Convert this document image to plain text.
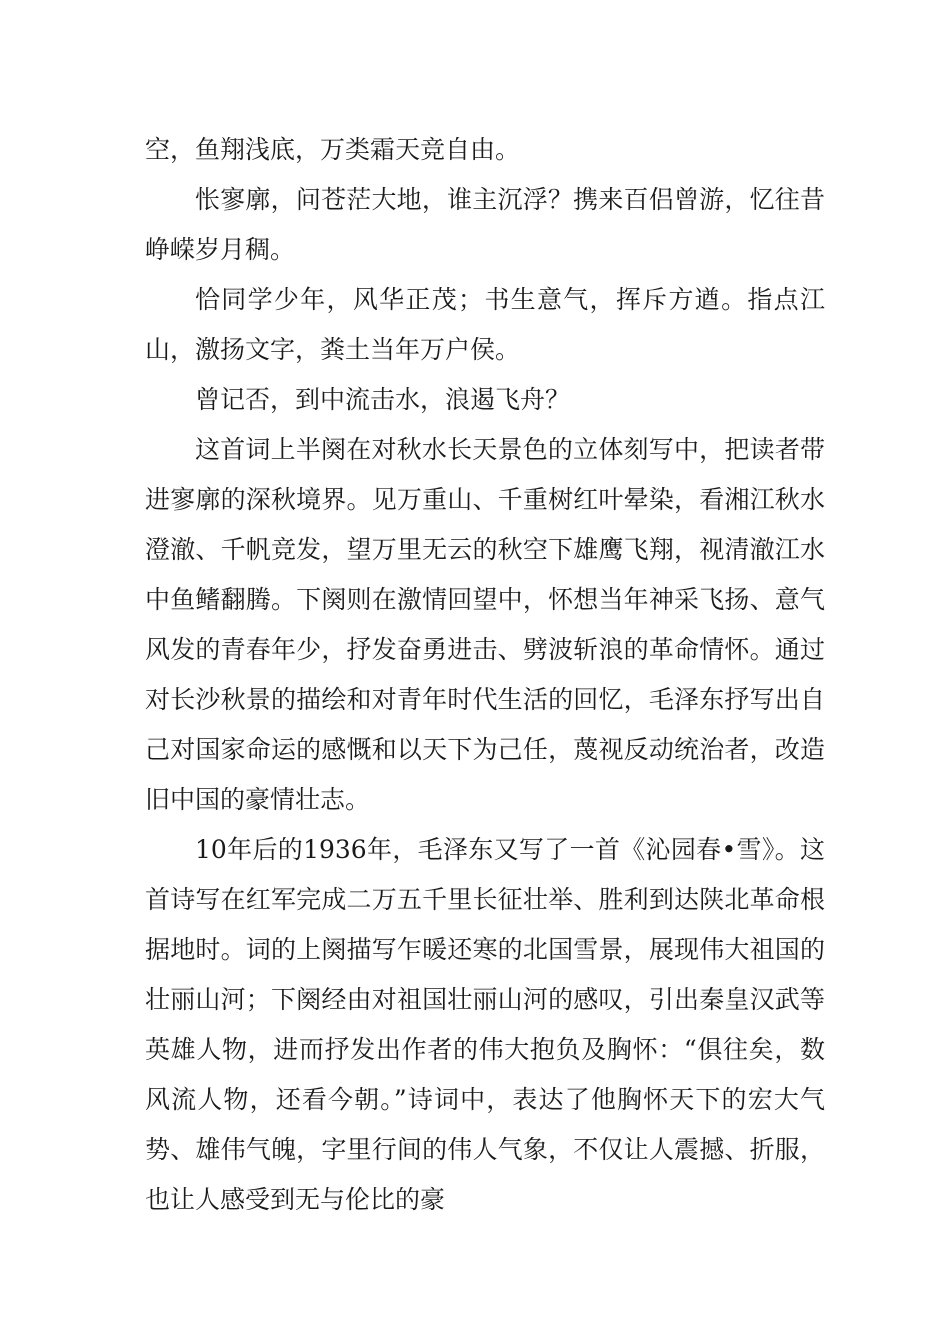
空，鱼翔浅底，万类霜天竞自由。

怅寥廓，问苍茫大地，谁主沉浮？携来百侣曾游，忆往昔峥嵘岁月稠。

恰同学少年，风华正茂；书生意气，挥斥方遒。指点江山，激扬文字，粪土当年万户侯。

曾记否，到中流击水，浪遏飞舟？

这首词上半阕在对秋水长天景色的立体刻写中，把读者带进寥廓的深秋境界。见万重山、千重树红叶晕染，看湘江秋水澄澈、千帆竞发，望万里无云的秋空下雄鹰飞翔，视清澈江水中鱼鳍翻腾。下阕则在激情回望中，怀想当年神采飞扬、意气风发的青春年少，抒发奋勇进击、劈波斩浪的革命情怀。通过对长沙秋景的描绘和对青年时代生活的回忆，毛泽东抒写出自己对国家命运的感慨和以天下为己任，蔑视反动统治者，改造旧中国的豪情壮志。

10年后的1936年，毛泽东又写了一首《沁园春•雪》。这首诗写在红军完成二万五千里长征壮举、胜利到达陕北革命根据地时。词的上阕描写乍暖还寒的北国雪景，展现伟大祖国的壮丽山河；下阕经由对祖国壮丽山河的感叹，引出秦皇汉武等英雄人物，进而抒发出作者的伟大抱负及胸怀：“俱往矣，数风流人物，还看今朝。”诗词中，表达了他胸怀天下的宏大气势、雄伟气魄，字里行间的伟人气象，不仅让人震撼、折服，也让人感受到无与伦比的豪
